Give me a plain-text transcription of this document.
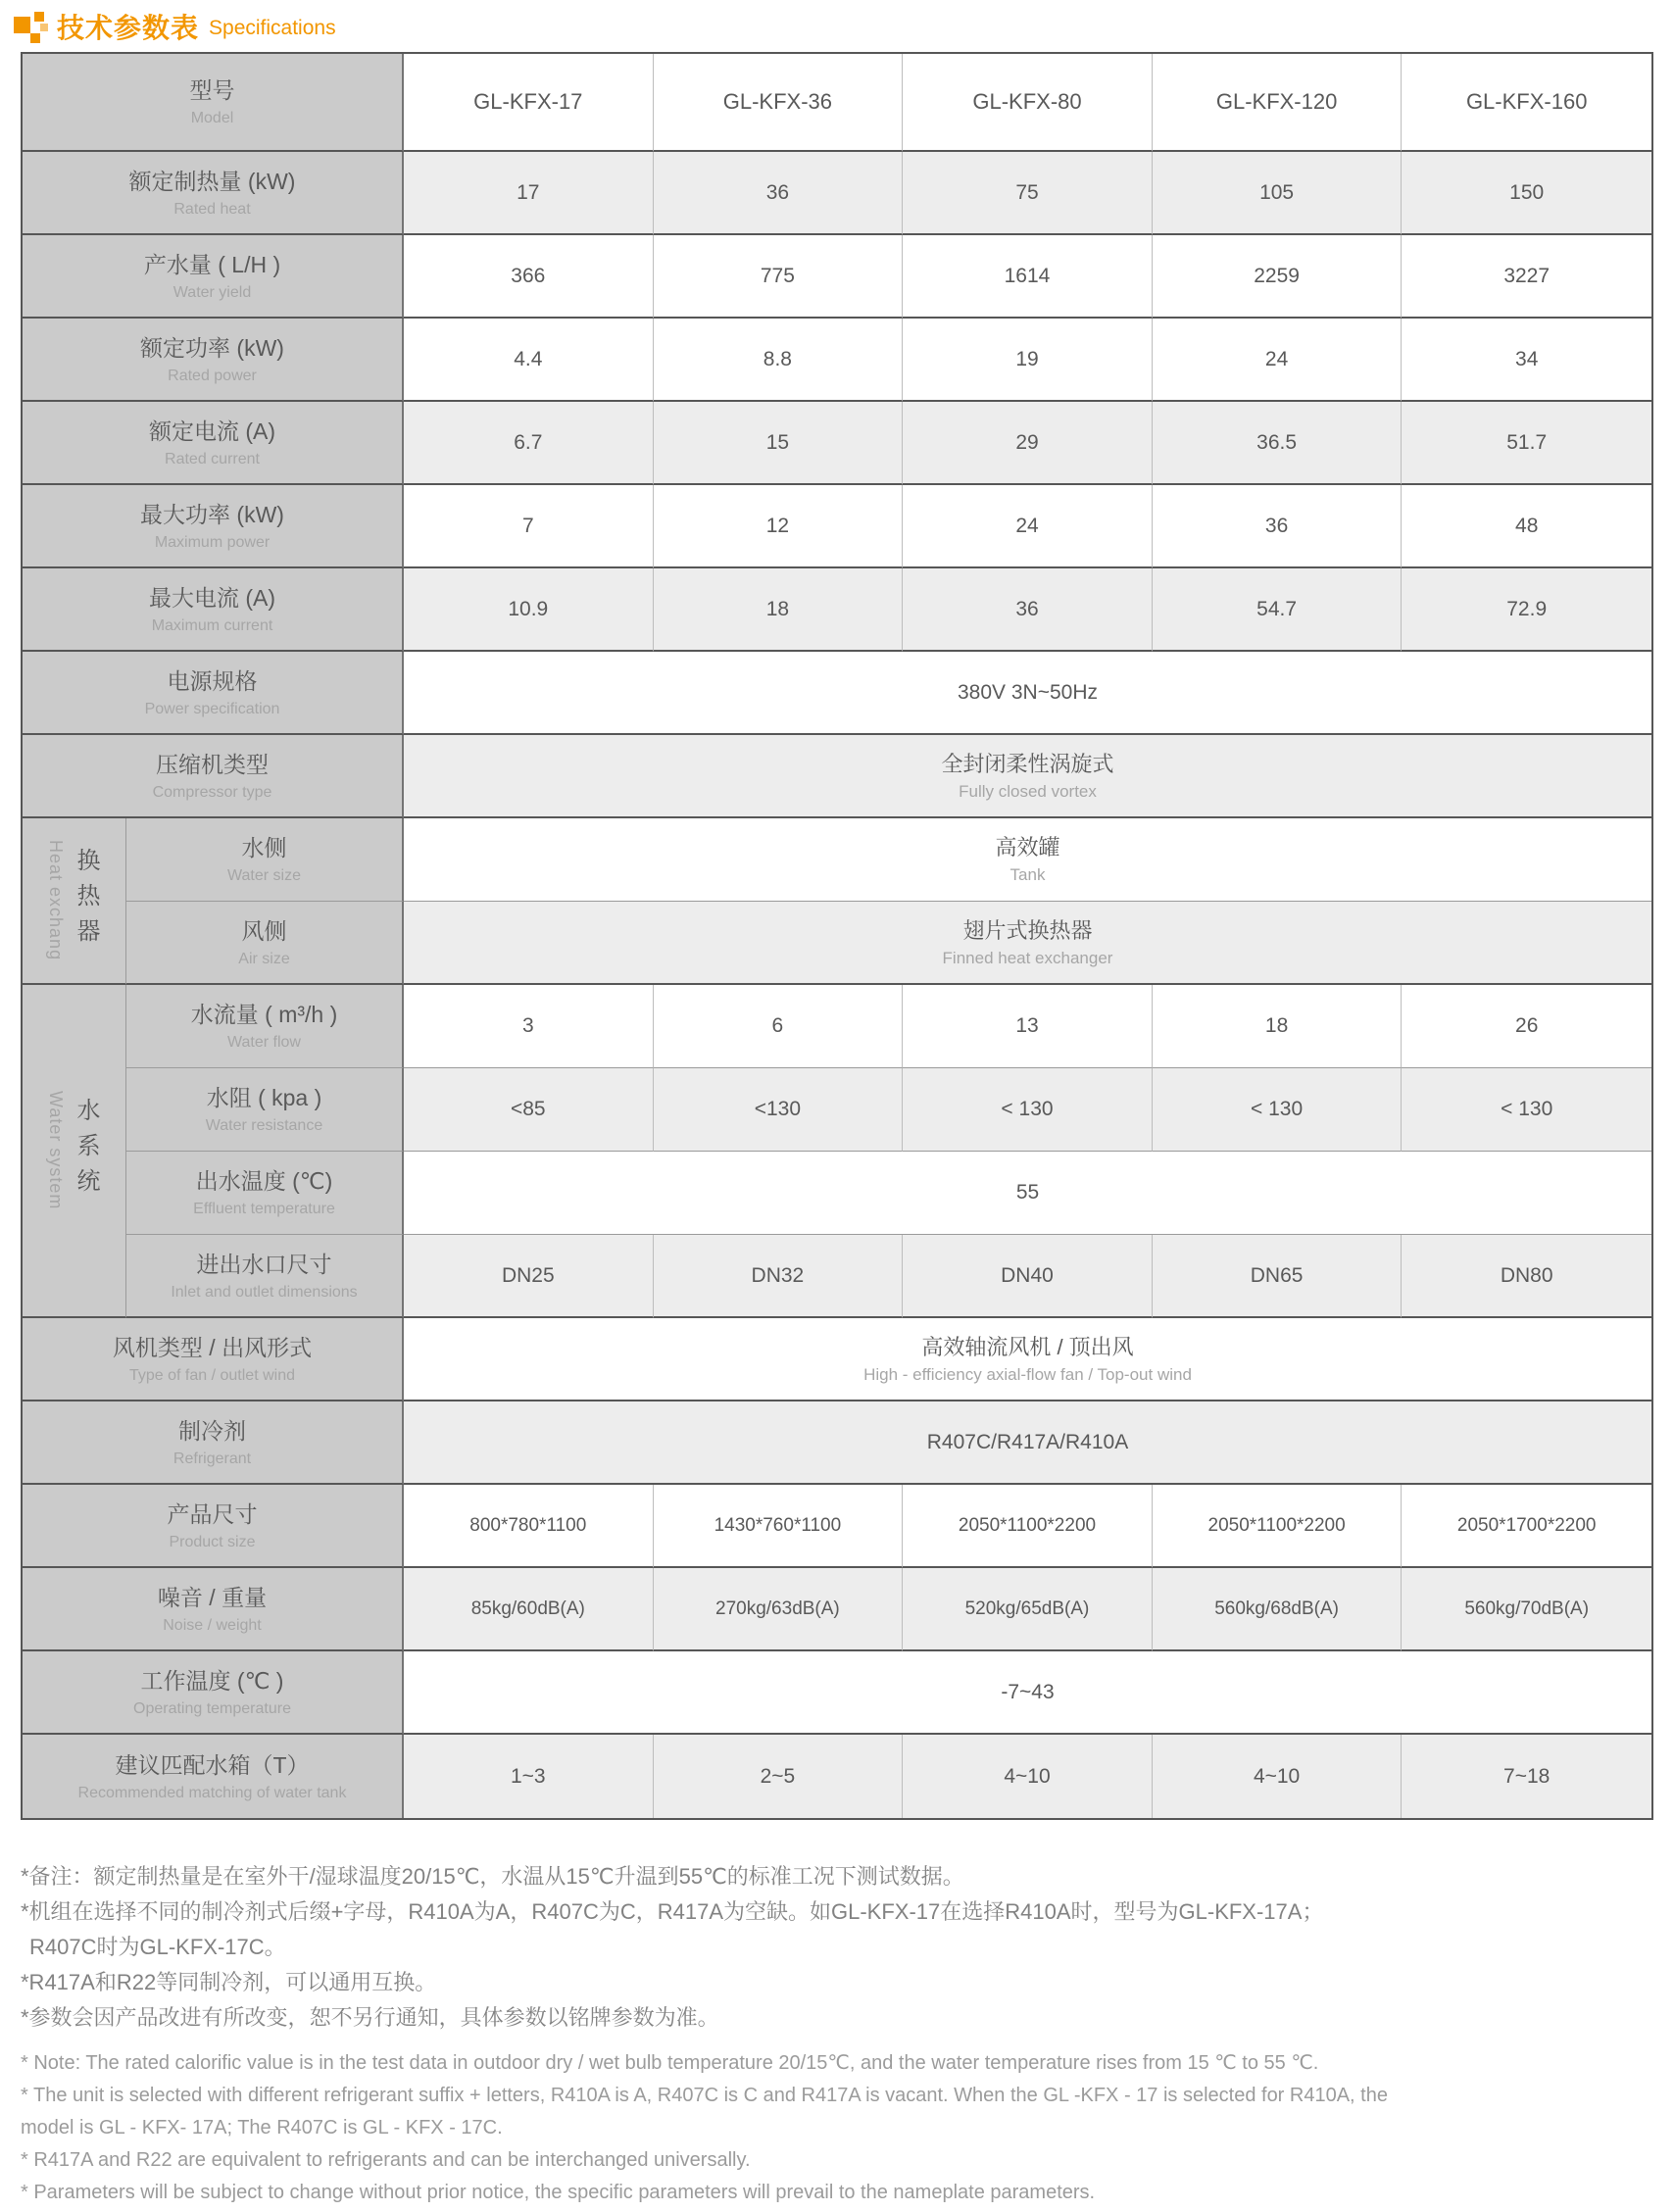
技术参数表 Specifications
型号
Model
GL-KFX-17	GL-KFX-36	GL-KFX-80	GL-KFX-120	GL-KFX-160
额定制热量 (kW)
Rated heat
17	36	75	105	150
产水量 ( L/H )
Water yield
366	775	1614	2259	3227
额定功率 (kW)
Rated power
4.4	8.8	19	24	34
额定电流 (A)
Rated current
6.7	15	29	36.5	51.7
最大功率 (kW)
Maximum power
7	12	24	36	48
最大电流 (A)
Maximum current
10.9	18	36	54.7	72.9
电源规格
Power specification
380V 3N~50Hz
压缩机类型
Compressor type
全封闭柔性涡旋式
Fully closed vortex
Heat exchang 换热器	水侧
Water size
高效罐
Tank
风侧
Air size
翅片式换热器
Finned heat exchanger
Water system 水系统
水流量 ( m³/h )
Water flow
3	6	13	18	26
水阻 ( kpa )
Water resistance
<85	<130	< 130	< 130	< 130
出水温度 (℃)
Effluent temperature
55
进出水口尺寸
Inlet and outlet dimensions
DN25	DN32	DN40	DN65	DN80
风机类型 / 出风形式
Type of fan / outlet wind
高效轴流风机 / 顶出风
High - efficiency axial-flow fan / Top-out wind
制冷剂
Refrigerant
R407C/R417A/R410A
产品尺寸
Product size
800*780*1100	1430*760*1100	2050*1100*2200	2050*1100*2200	2050*1700*2200
噪音 / 重量
Noise / weight
85kg/60dB(A)	270kg/63dB(A)	520kg/65dB(A)	560kg/68dB(A)	560kg/70dB(A)
工作温度 (℃ )
Operating temperature
-7~43
建议匹配水箱（T）
Recommended matching of water tank
1~3	2~5	4~10	4~10	7~18
*备注：额定制热量是在室外干/湿球温度20/15℃，水温从15℃升温到55℃的标准工况下测试数据。
*机组在选择不同的制冷剂式后缀+字母，R410A为A，R407C为C，R417A为空缺。如GL-KFX-17在选择R410A时，型号为GL-KFX-17A；
R407C时为GL-KFX-17C。
*R417A和R22等同制冷剂，可以通用互换。
*参数会因产品改进有所改变，恕不另行通知，具体参数以铭牌参数为准。
* Note: The rated calorific value is in the test data in outdoor dry / wet bulb temperature 20/15℃, and the water temperature rises from 15 ℃ to 55 ℃.
* The unit is selected with different refrigerant suffix + letters, R410A is A, R407C is C and R417A is vacant. When the GL -KFX - 17 is selected for R410A, the
model is GL - KFX- 17A; The R407C is GL - KFX - 17C.
* R417A and R22 are equivalent to refrigerants and can be interchanged universally.
* Parameters will be subject to change without prior notice, the specific parameters will prevail to the nameplate parameters.
